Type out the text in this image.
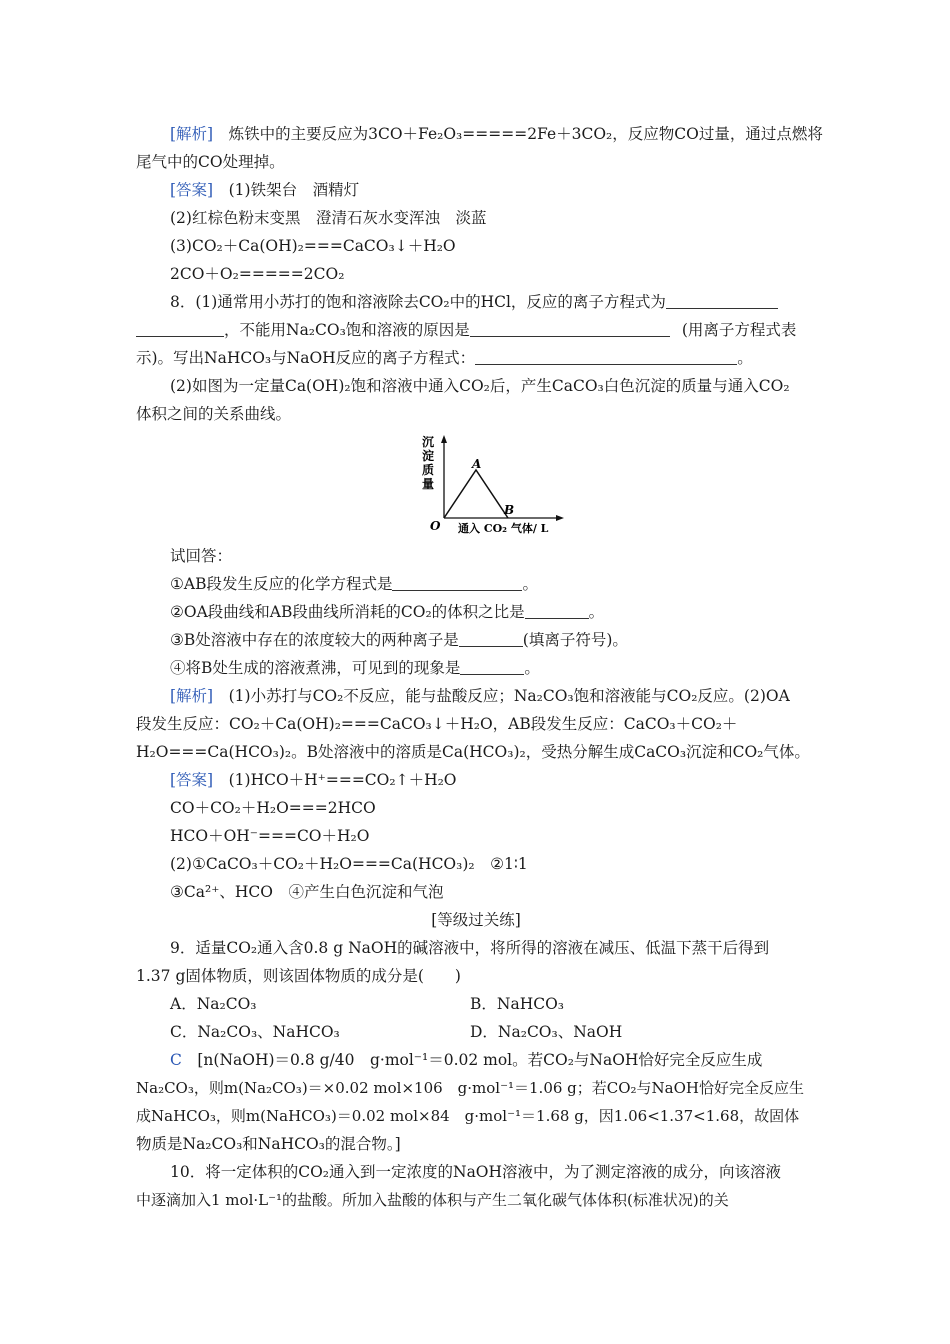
[解析]　炼铁中的主要反应为3CO＋Fe₂O₃=====2Fe＋3CO₂，反应物CO过量，通过点燃将
尾气中的CO处理掉。
[答案]　(1)铁架台　酒精灯
(2)红棕色粉末变黑　澄清石灰水变浑浊　淡蓝
(3)CO₂＋Ca(OH)₂===CaCO₃↓＋H₂O
2CO＋O₂=====2CO₂
8．(1)通常用小苏打的饱和溶液除去CO₂中的HCl，反应的离子方程式为
，不能用Na₂CO₃饱和溶液的原因是	(用离子方程式表
示)。写出NaHCO₃与NaOH反应的离子方程式：	。
(2)如图为一定量Ca(OH)₂饱和溶液中通入CO₂后，产生CaCO₃白色沉淀的质量与通入CO₂
体积之间的关系曲线。
沉
淀
质
量
A
B
O 通入 CO₂ 气体/ L
试回答：
①AB段发生反应的化学方程式是	。
②OA段曲线和AB段曲线所消耗的CO₂的体积之比是	。
③B处溶液中存在的浓度较大的两种离子是	(填离子符号)。
④将B处生成的溶液煮沸，可见到的现象是	。
[解析]　(1)小苏打与CO₂不反应，能与盐酸反应；Na₂CO₃饱和溶液能与CO₂反应。(2)OA
段发生反应：CO₂＋Ca(OH)₂===CaCO₃↓＋H₂O，AB段发生反应：CaCO₃＋CO₂＋
H₂O===Ca(HCO₃)₂。B处溶液中的溶质是Ca(HCO₃)₂，受热分解生成CaCO₃沉淀和CO₂气体。
[答案]　(1)HCO＋H⁺===CO₂↑＋H₂O
CO＋CO₂＋H₂O===2HCO
HCO＋OH⁻===CO＋H₂O
(2)①CaCO₃＋CO₂＋H₂O===Ca(HCO₃)₂　②1∶1
③Ca²⁺、HCO　④产生白色沉淀和气泡
[等级过关练]
9．适量CO₂通入含0.8 g NaOH的碱溶液中，将所得的溶液在减压、低温下蒸干后得到
1.37 g固体物质，则该固体物质的成分是(　　)
A．Na₂CO₃	B．NaHCO₃
C．Na₂CO₃、NaHCO₃	D．Na₂CO₃、NaOH
C　[n(NaOH)＝0.8 g/40　g·mol⁻¹＝0.02 mol。若CO₂与NaOH恰好完全反应生成
Na₂CO₃，则m(Na₂CO₃)＝×0.02 mol×106　g·mol⁻¹＝1.06 g；若CO₂与NaOH恰好完全反应生
成NaHCO₃，则m(NaHCO₃)＝0.02 mol×84　g·mol⁻¹＝1.68 g，因1.06<1.37<1.68，故固体
物质是Na₂CO₃和NaHCO₃的混合物。]
10．将一定体积的CO₂通入到一定浓度的NaOH溶液中，为了测定溶液的成分，向该溶液
中逐滴加入1 mol·L⁻¹的盐酸。所加入盐酸的体积与产生二氧化碳气体体积(标准状况)的关
